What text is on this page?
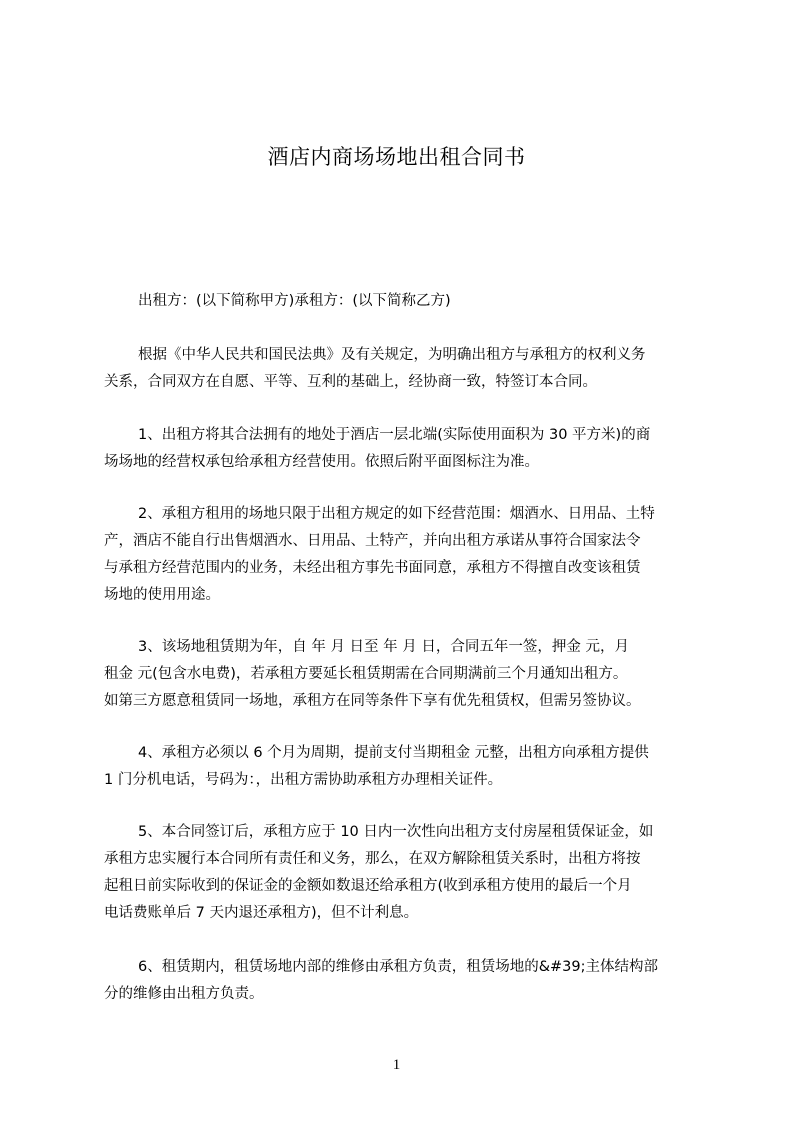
酒店内商场场地出租合同书
出租方：(以下简称甲方)承租方：(以下简称乙方)
根据《中华人民共和国民法典》及有关规定，为明确出租方与承租方的权利义务
关系，合同双方在自愿、平等、互利的基础上，经协商一致，特签订本合同。
1、出租方将其合法拥有的地处于酒店一层北端(实际使用面积为 30 平方米)的商
场场地的经营权承包给承租方经营使用。依照后附平面图标注为准。
2、承租方租用的场地只限于出租方规定的如下经营范围：烟酒水、日用品、土特
产，酒店不能自行出售烟酒水、日用品、土特产，并向出租方承诺从事符合国家法令
与承租方经营范围内的业务，未经出租方事先书面同意，承租方不得擅自改变该租赁
场地的使用用途。
3、该场地租赁期为年，自 年 月 日至 年 月 日，合同五年一签，押金 元，月
租金 元(包含水电费)，若承租方要延长租赁期需在合同期满前三个月通知出租方。
如第三方愿意租赁同一场地，承租方在同等条件下享有优先租赁权，但需另签协议。
4、承租方必须以 6 个月为周期，提前支付当期租金 元整，出租方向承租方提供
1 门分机电话，号码为：，出租方需协助承租方办理相关证件。
5、本合同签订后，承租方应于 10 日内一次性向出租方支付房屋租赁保证金，如
承租方忠实履行本合同所有责任和义务，那么，在双方解除租赁关系时，出租方将按
起租日前实际收到的保证金的金额如数退还给承租方(收到承租方使用的最后一个月
电话费账单后 7 天内退还承租方)，但不计利息。
6、租赁期内，租赁场地内部的维修由承租方负责，租赁场地的&#39;主体结构部
分的维修由出租方负责。
1
